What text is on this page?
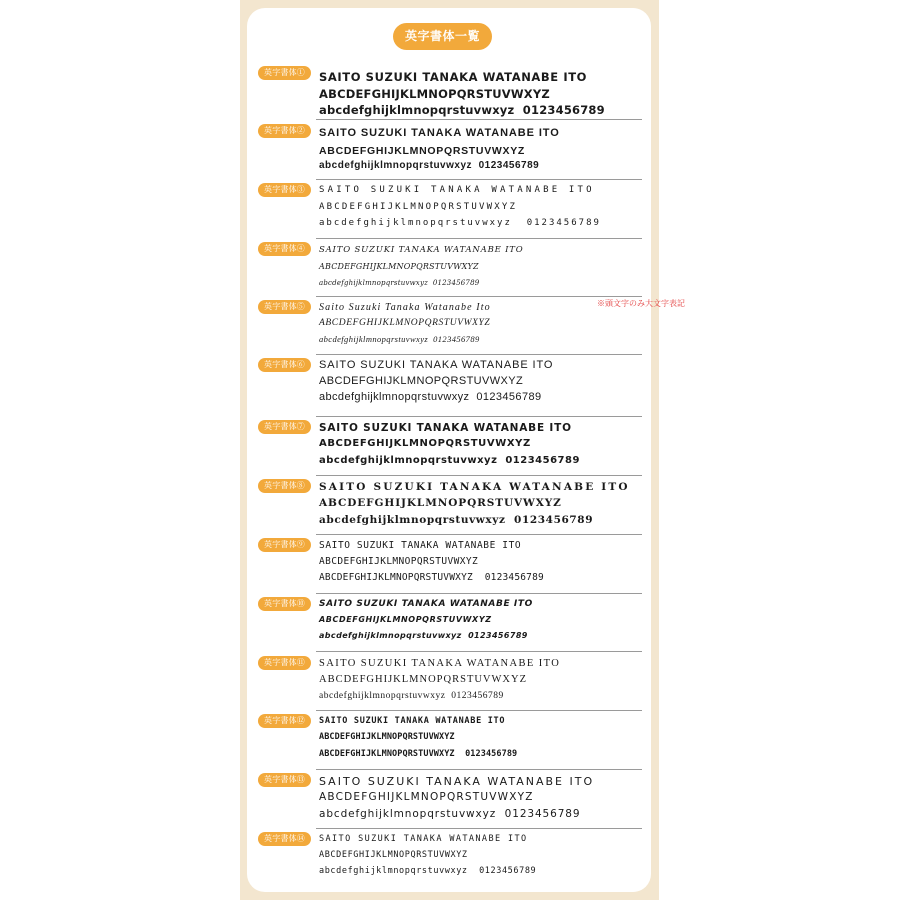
英字書体一覧
英字書体①	SAITO SUZUKI TANAKA WATANABE ITO
ABCDEFGHIJKLMNOPQRSTUVWXYZ
abcdefghijklmnopqrstuvwxyz  0123456789
英字書体②	SAITO SUZUKI TANAKA WATANABE ITO
ABCDEFGHIJKLMNOPQRSTUVWXYZ
abcdefghijklmnopqrstuvwxyz  0123456789
英字書体③	SAITO SUZUKI TANAKA WATANABE ITO
ABCDEFGHIJKLMNOPQRSTUVWXYZ
abcdefghijklmnopqrstuvwxyz  0123456789
英字書体④	SAITO SUZUKI TANAKA WATANABE ITO
ABCDEFGHIJKLMNOPQRSTUVWXYZ
abcdefghijklmnopqrstuvwxyz  0123456789
英字書体⑤	Saito Suzuki Tanaka Watanabe Ito
ABCDEFGHIJKLMNOPQRSTUVWXYZ
abcdefghijklmnopqrstuvwxyz  0123456789
※頭文字のみ大文字表記
英字書体⑥	SAITO SUZUKI TANAKA WATANABE ITO
ABCDEFGHIJKLMNOPQRSTUVWXYZ
abcdefghijklmnopqrstuvwxyz  0123456789
英字書体⑦	SAITO SUZUKI TANAKA WATANABE ITO
ABCDEFGHIJKLMNOPQRSTUVWXYZ
abcdefghijklmnopqrstuvwxyz  0123456789
英字書体⑧	SAITO SUZUKI TANAKA WATANABE ITO
ABCDEFGHIJKLMNOPQRSTUVWXYZ
abcdefghijklmnopqrstuvwxyz  0123456789
英字書体⑨	SAITO SUZUKI TANAKA WATANABE ITO
ABCDEFGHIJKLMNOPQRSTUVWXYZ
ABCDEFGHIJKLMNOPQRSTUVWXYZ  0123456789
英字書体⑩	SAITO SUZUKI TANAKA WATANABE ITO
ABCDEFGHIJKLMNOPQRSTUVWXYZ
abcdefghijklmnopqrstuvwxyz  0123456789
英字書体⑪	SAITO SUZUKI TANAKA WATANABE ITO
ABCDEFGHIJKLMNOPQRSTUVWXYZ
abcdefghijklmnopqrstuvwxyz  0123456789
英字書体⑫	SAITO SUZUKI TANAKA WATANABE ITO
ABCDEFGHIJKLMNOPQRSTUVWXYZ
ABCDEFGHIJKLMNOPQRSTUVWXYZ  0123456789
英字書体⑬	SAITO SUZUKI TANAKA WATANABE ITO
ABCDEFGHIJKLMNOPQRSTUVWXYZ
abcdefghijklmnopqrstuvwxyz  0123456789
英字書体⑭	SAITO SUZUKI TANAKA WATANABE ITO
ABCDEFGHIJKLMNOPQRSTUVWXYZ
abcdefghijklmnopqrstuvwxyz  0123456789
